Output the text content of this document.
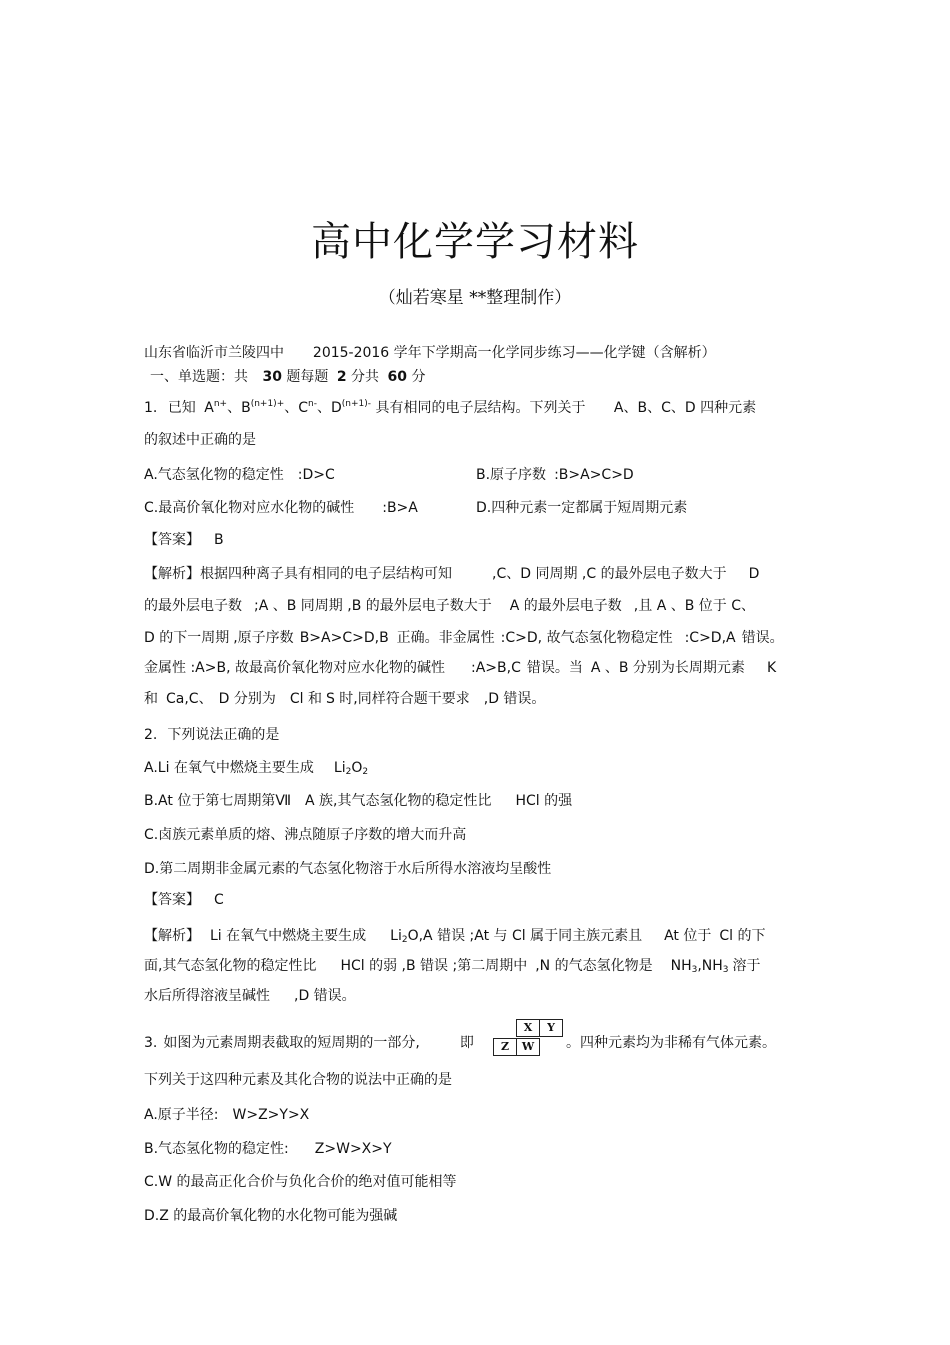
高中化学学习材料
（灿若寒星 **整理制作）
山东省临沂市兰陵四中 2015-2016 学年下学期高一化学同步练习——化学键（含解析）
一、单选题：共 30 题每题 2 分共 60 分
1. 已知 $A^{n+}$、$B^{(n+1)+}$、$C^{n-}$、$D^{(n+1)-}$ 具有相同的电子层结构。下列关于 A、B、C、D 四种元素
的叙述中正确的是
A.气态氢化物的稳定性 :D>C	B.原子序数 :B>A>C>D
C.最高价氧化物对应水化物的碱性 :B>A	D.四种元素一定都属于短周期元素
【答案】 B
【解析】根据四种离子具有相同的电子层结构可知	,C、D 同周期 ,C 的最外层电子数大于 D
的最外层电子数 ;A 、B 同周期 ,B 的最外层电子数大于 A 的最外层电子数 ,且 A 、B 位于 C、
D 的下一周期 ,原子序数 B>A>C>D,B 正确。非金属性 :C>D, 故气态氢化物稳定性 :C>D,A 错误。
金属性 :A>B, 故最高价氧化物对应水化物的碱性 :A>B,C 错误。当 A 、B 分别为长周期元素 K
和 Ca,C、 D 分别为 Cl 和 S 时,同样符合题干要求 ,D 错误。
2. 下列说法正确的是
A.Li 在氧气中燃烧主要生成 $Li_2O_2$
B.At 位于第七周期第Ⅶ A 族,其气态氢化物的稳定性比 HCl 的强
C.卤族元素单质的熔、沸点随原子序数的增大而升高
D.第二周期非金属元素的气态氢化物溶于水后所得水溶液均呈酸性
【答案】 C
【解析】 Li 在氧气中燃烧主要生成 $Li_2O,A$ 错误 ;At 与 Cl 属于同主族元素且 At 位于 Cl 的下
面,其气态氢化物的稳定性比 HCl 的弱 ,B 错误 ;第二周期中 ,N 的气态氢化物是 $NH_3,NH_3$ 溶于
水后所得溶液呈碱性 ,D 错误。
3. 如图为元素周期表截取的短周期的一部分,	即
X	Y
Z	W	。四种元素均为非稀有气体元素。
下列关于这四种元素及其化合物的说法中正确的是
A.原子半径: W>Z>Y>X
B.气态氢化物的稳定性: Z>W>X>Y
C.W 的最高正化合价与负化合价的绝对值可能相等
D.Z 的最高价氧化物的水化物可能为强碱
